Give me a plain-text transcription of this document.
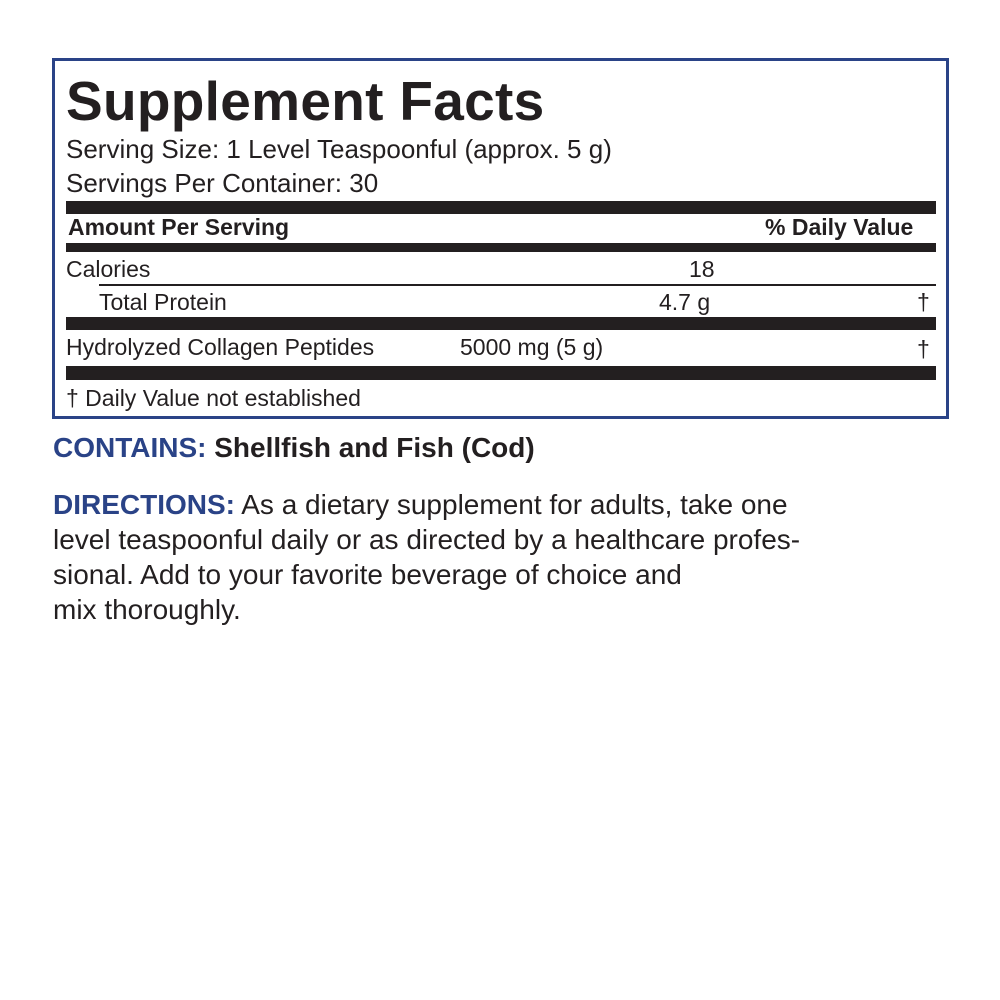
Supplement Facts
Serving Size: 1 Level Teaspoonful (approx. 5 g)
Servings Per Container: 30
Amount Per Serving	% Daily Value
Calories	18
Total Protein	4.7 g	†
Hydrolyzed Collagen Peptides	5000 mg (5 g)	†
† Daily Value not established
CONTAINS: Shellfish and Fish (Cod)
DIRECTIONS: As a dietary supplement for adults, take one
level teaspoonful daily or as directed by a healthcare profes-
sional. Add to your favorite beverage of choice and
mix thoroughly.
